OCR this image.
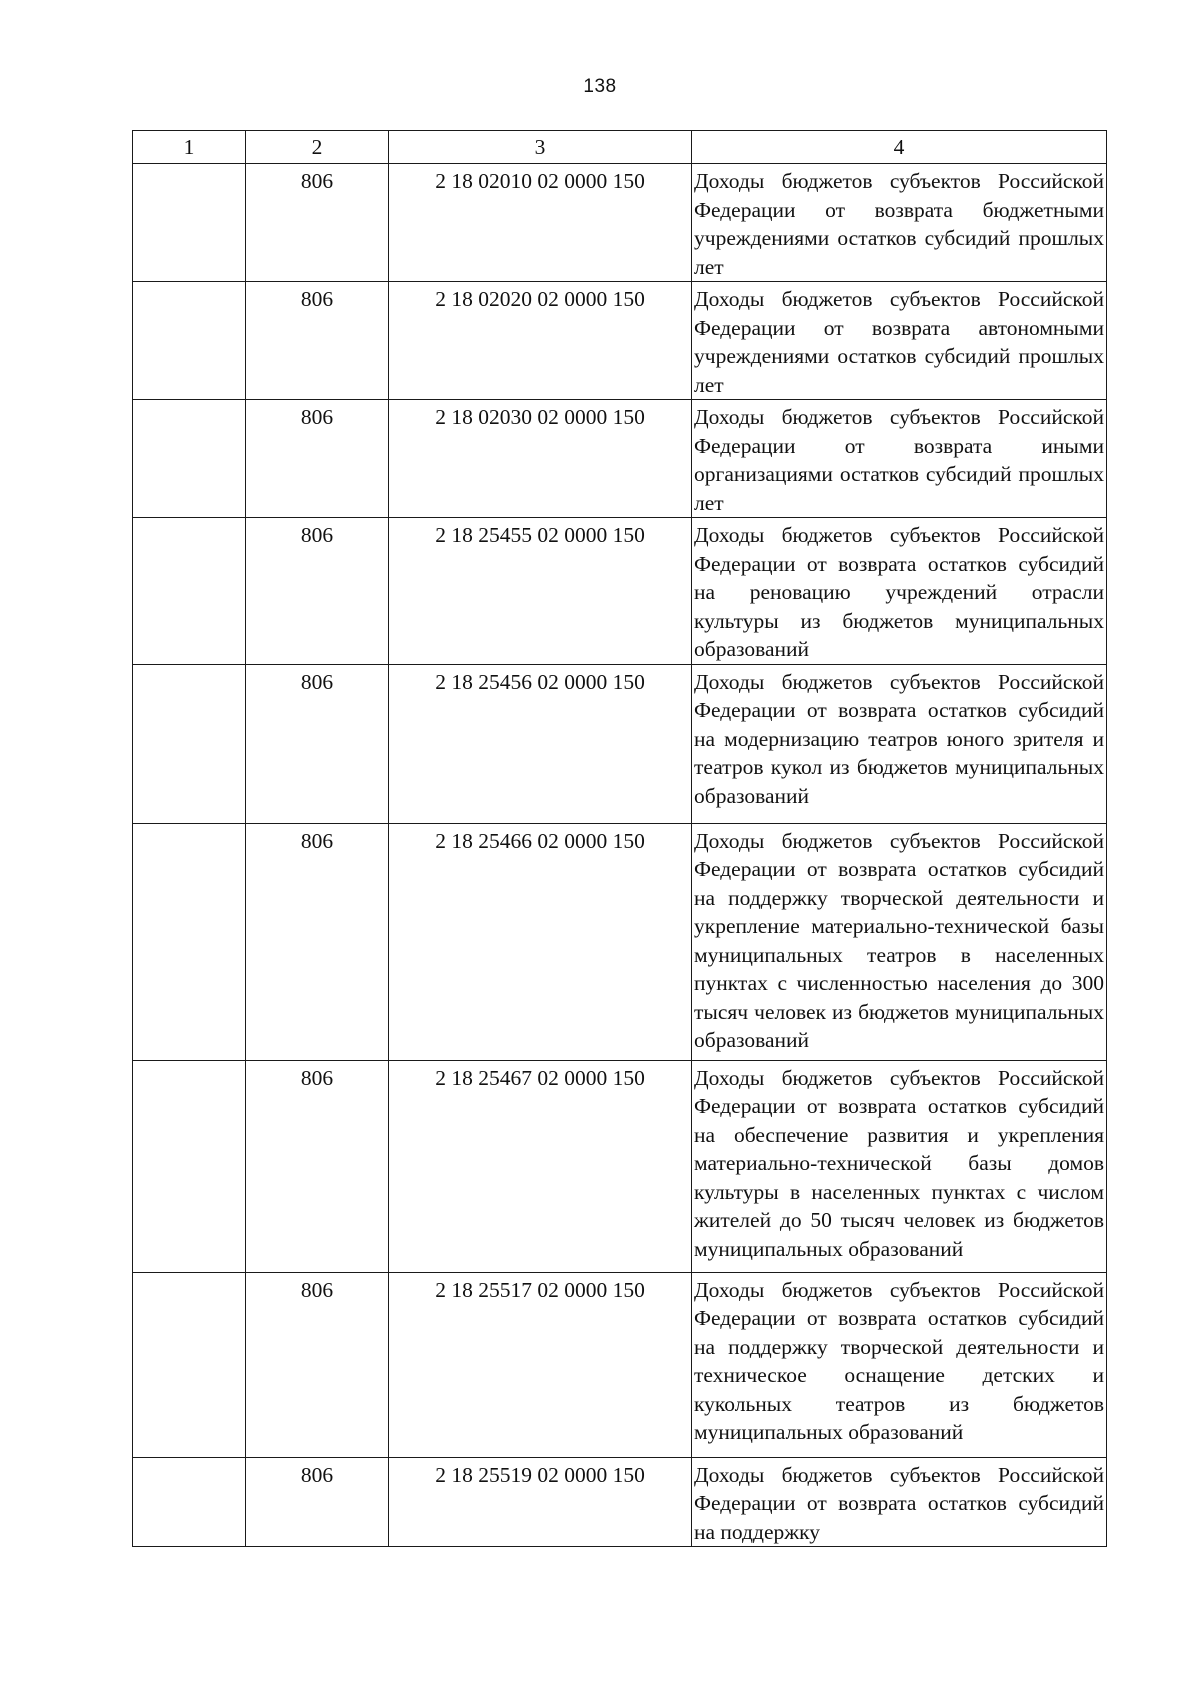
138
1	2	3	4
	806	2 18 02010 02 0000 150	Доходы бюджетов субъектов Российской Федерации от возврата бюджетными учреждениями остатков субсидий прошлых лет
	806	2 18 02020 02 0000 150	Доходы бюджетов субъектов Российской Федерации от возврата автономными учреждениями остатков субсидий прошлых лет
	806	2 18 02030 02 0000 150	Доходы бюджетов субъектов Российской Федерации от возврата иными организациями остатков субсидий прошлых лет
	806	2 18 25455 02 0000 150	Доходы бюджетов субъектов Российской Федерации от возврата остатков субсидий на реновацию учреждений отрасли культуры из бюджетов муниципальных образований
	806	2 18 25456 02 0000 150	Доходы бюджетов субъектов Российской Федерации от возврата остатков субсидий на модернизацию театров юного зрителя и театров кукол из бюджетов муниципальных образований
	806	2 18 25466 02 0000 150	Доходы бюджетов субъектов Российской Федерации от возврата остатков субсидий на поддержку творческой деятельности и укрепление материально-технической базы муниципальных театров в населенных пунктах с численностью населения до 300 тысяч человек из бюджетов муниципальных образований
	806	2 18 25467 02 0000 150	Доходы бюджетов субъектов Российской Федерации от возврата остатков субсидий на обеспечение развития и укрепления материально-технической базы домов культуры в населенных пунктах с числом жителей до 50 тысяч человек из бюджетов муниципальных образований
	806	2 18 25517 02 0000 150	Доходы бюджетов субъектов Российской Федерации от возврата остатков субсидий на поддержку творческой деятельности и техническое оснащение детских и кукольных театров из бюджетов муниципальных образований
	806	2 18 25519 02 0000 150	Доходы бюджетов субъектов Российской Федерации от возврата остатков субсидий на поддержку
